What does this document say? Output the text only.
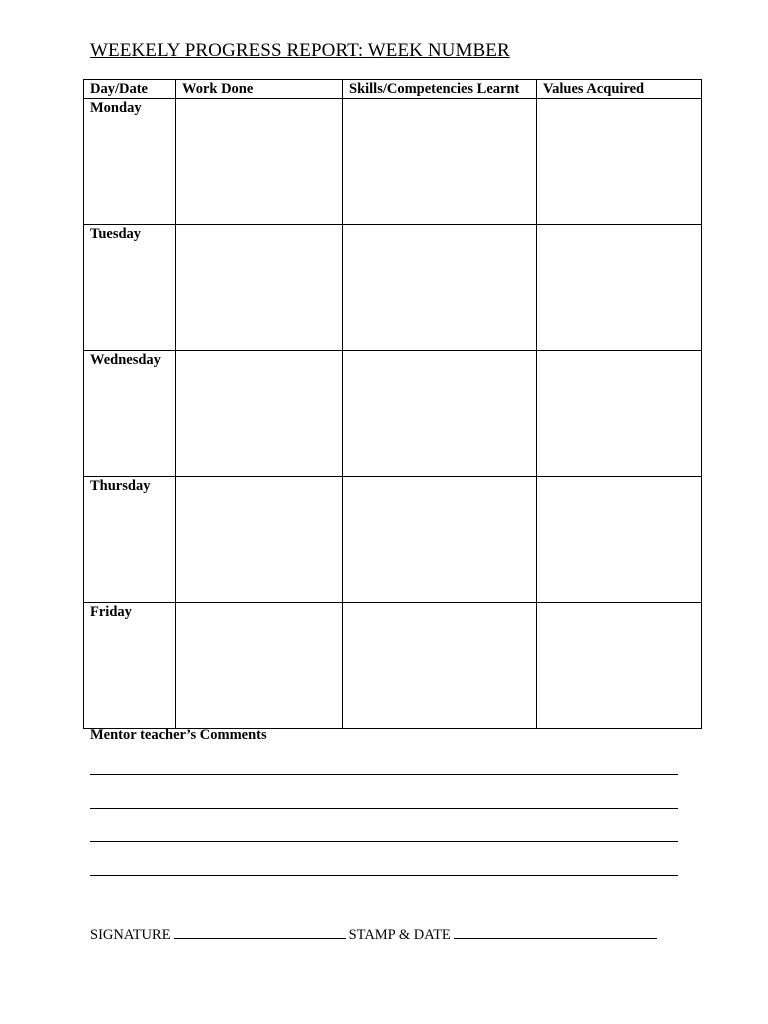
WEEKELY PROGRESS REPORT: WEEK NUMBER
Day/Date	Work Done	Skills/Competencies Learnt	Values Acquired
Monday			
Tuesday			
Wednesday			
Thursday			
Friday			
Mentor teacher’s Comments
SIGNATURE	STAMP & DATE
